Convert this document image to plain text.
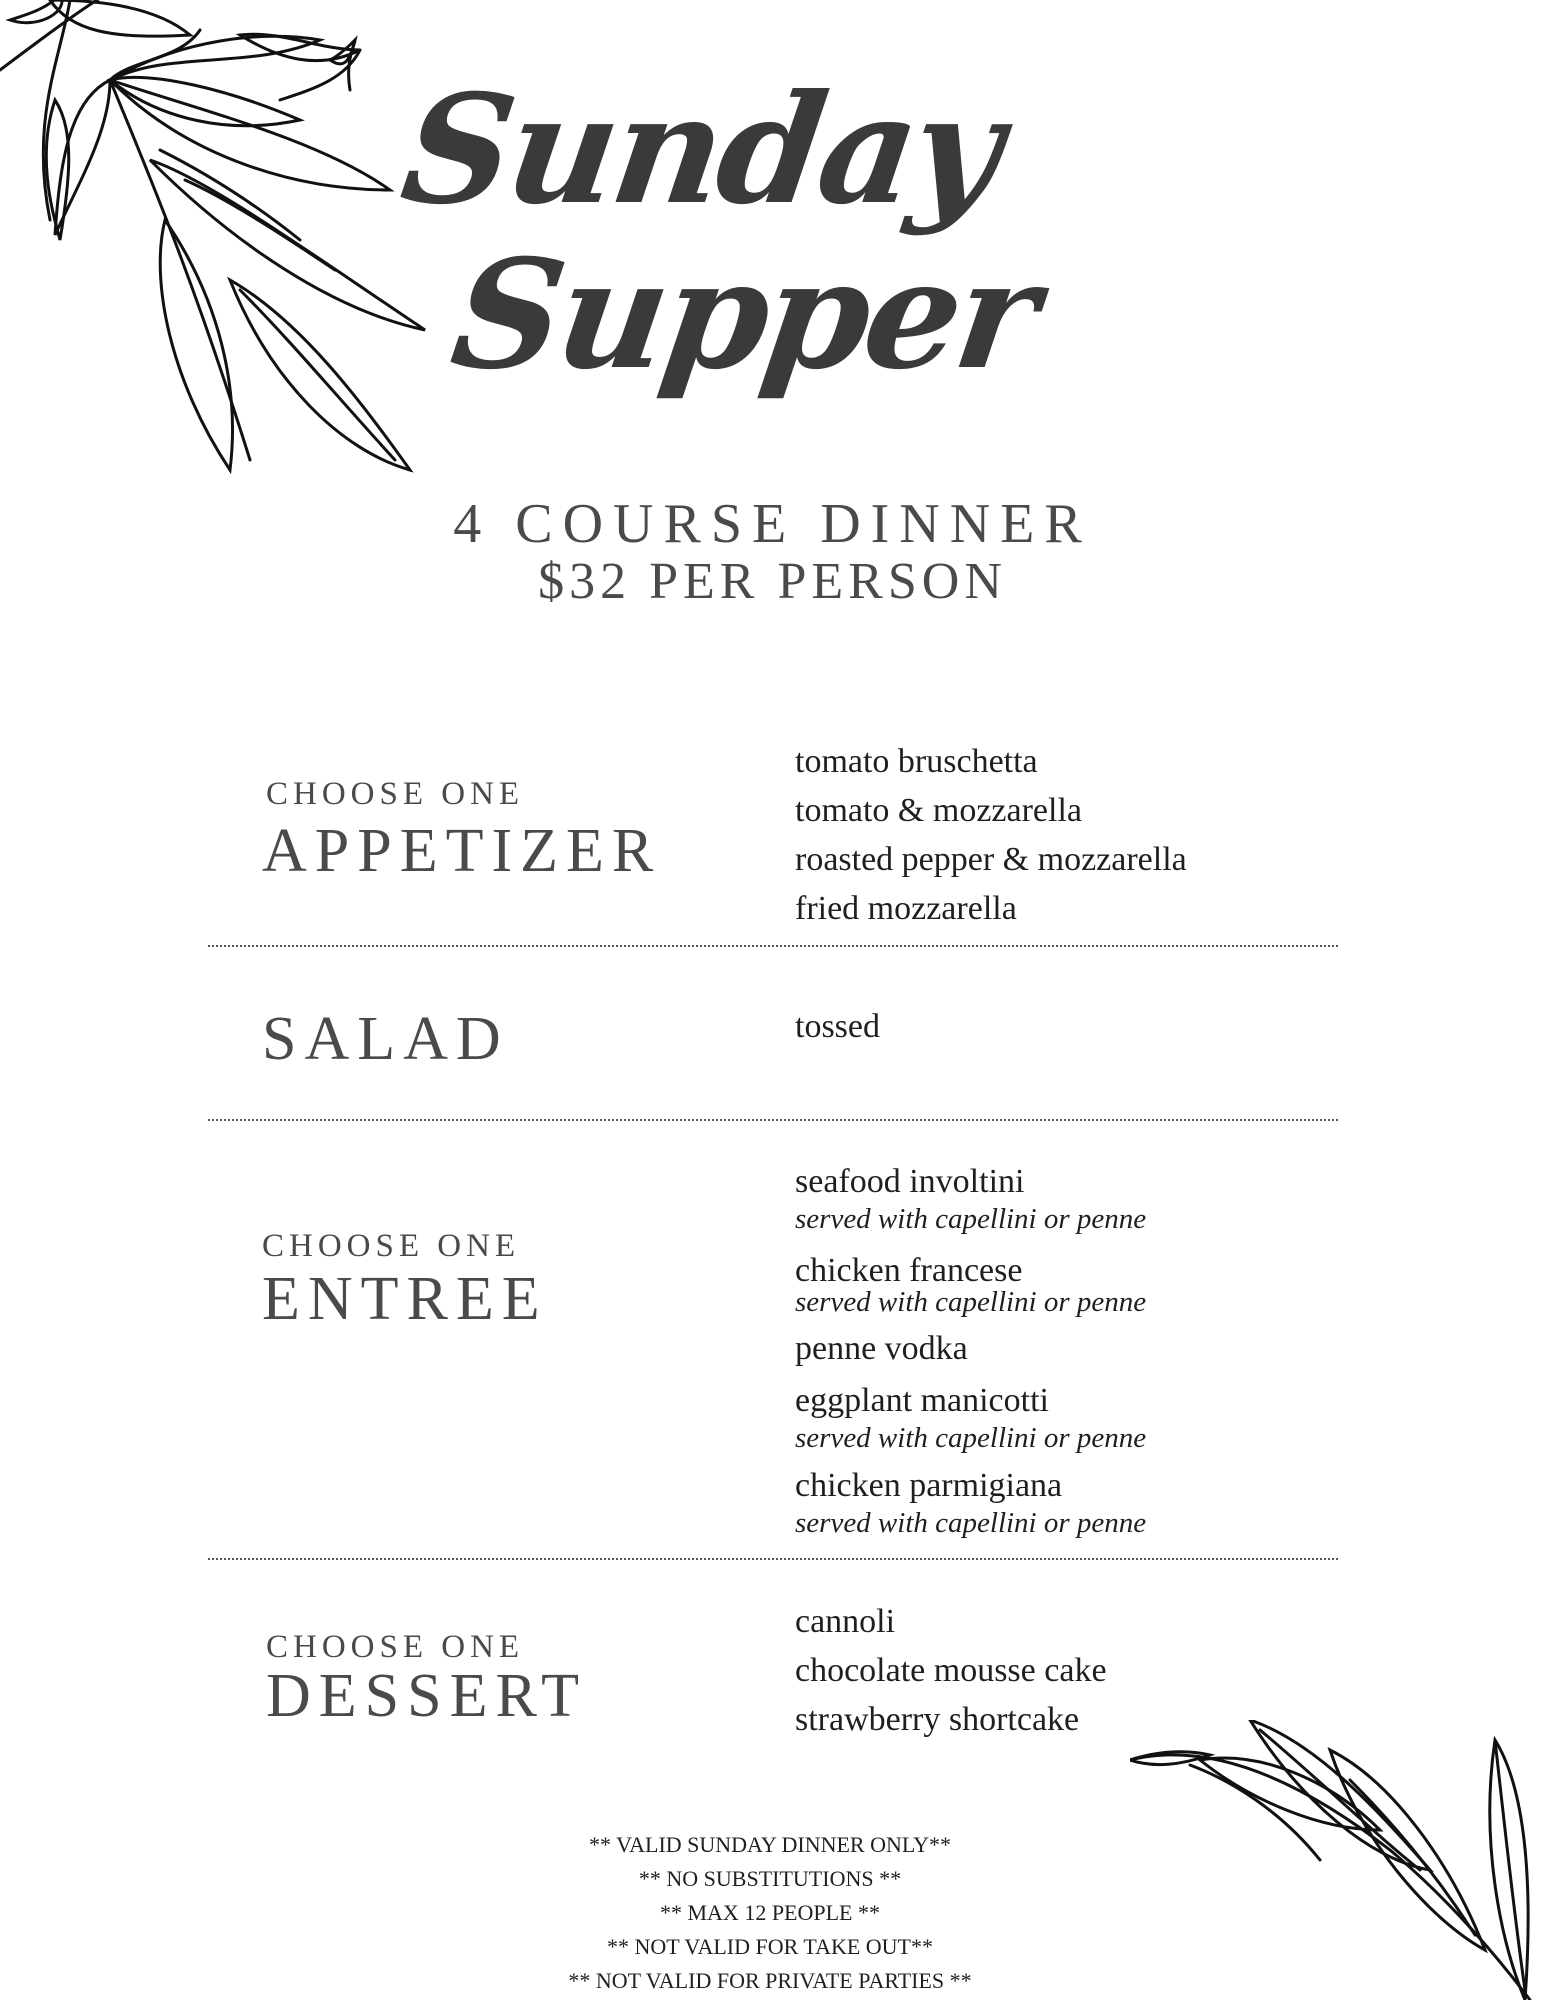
Sunday
Supper
4 COURSE DINNER
$32 PER PERSON
CHOOSE ONE
APPETIZER
tomato bruschetta
tomato & mozzarella
roasted pepper & mozzarella
fried mozzarella
SALAD	tossed
CHOOSE ONE
ENTREE
seafood involtini
served with capellini or penne
chicken francese
served with capellini or penne
penne vodka
eggplant manicotti
served with capellini or penne
chicken parmigiana
served with capellini or penne
CHOOSE ONE
DESSERT
cannoli
chocolate mousse cake
strawberry shortcake
** VALID SUNDAY DINNER ONLY**
** NO SUBSTITUTIONS **
** MAX 12 PEOPLE **
** NOT VALID FOR TAKE OUT**
** NOT VALID FOR PRIVATE PARTIES **
